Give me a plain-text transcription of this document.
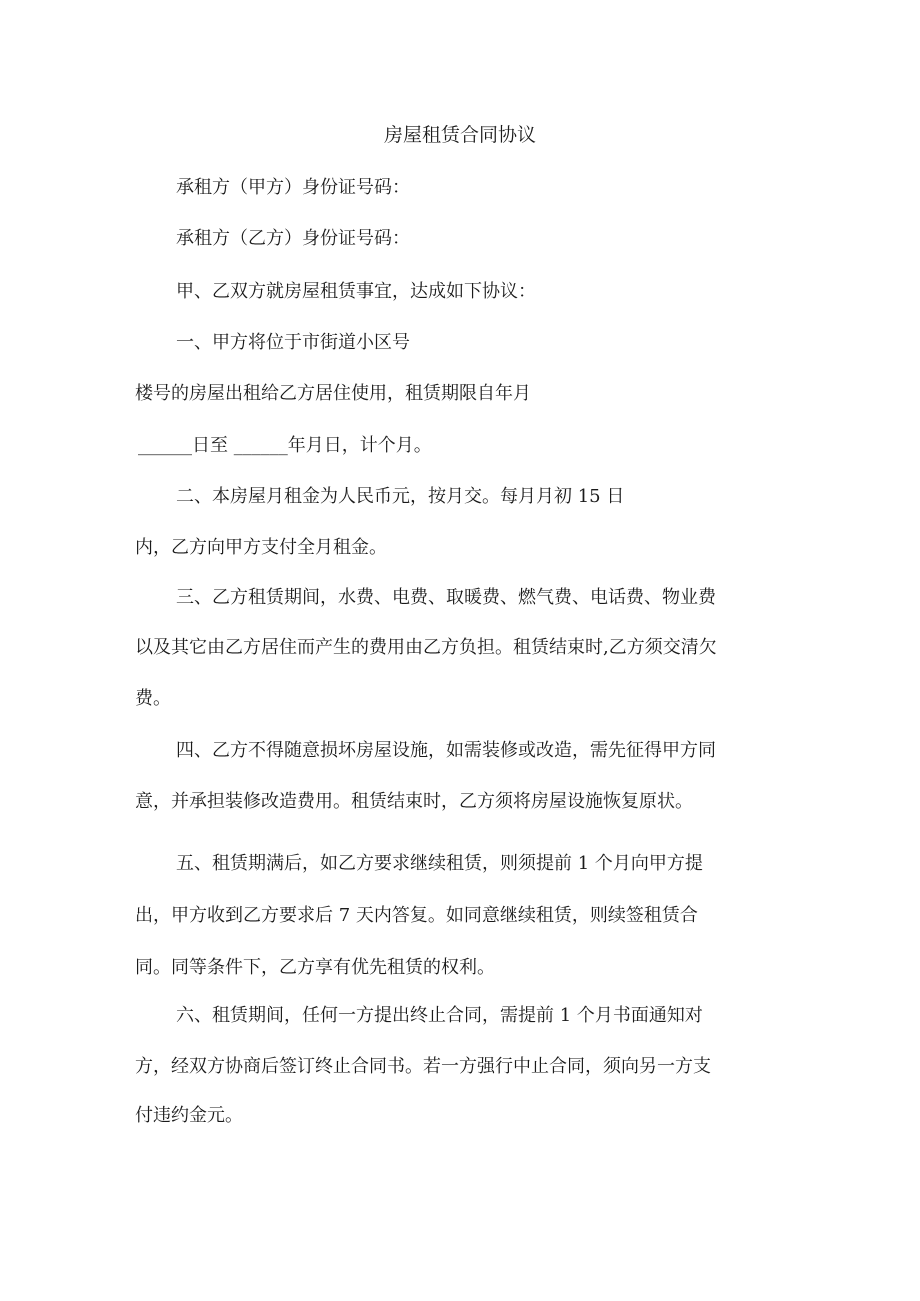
房屋租赁合同协议
承租方（甲方）身份证号码：
承租方（乙方）身份证号码：
甲、乙双方就房屋租赁事宜，达成如下协议：
一、甲方将位于市街道小区号
楼号的房屋出租给乙方居住使用，租赁期限自年月
______日至 ______年月日，计个月。
二、本房屋月租金为人民币元，按月交。每月月初 15 日
内，乙方向甲方支付全月租金。
三、乙方租赁期间，水费、电费、取暖费、燃气费、电话费、物业费
以及其它由乙方居住而产生的费用由乙方负担。租赁结束时,乙方须交清欠
费。
四、乙方不得随意损坏房屋设施，如需装修或改造，需先征得甲方同
意，并承担装修改造费用。租赁结束时，乙方须将房屋设施恢复原状。
五、租赁期满后，如乙方要求继续租赁，则须提前 1 个月向甲方提
出，甲方收到乙方要求后 7 天内答复。如同意继续租赁，则续签租赁合
同。同等条件下，乙方享有优先租赁的权利。
六、租赁期间，任何一方提出终止合同，需提前 1 个月书面通知对
方，经双方协商后签订终止合同书。若一方强行中止合同，须向另一方支
付违约金元。
